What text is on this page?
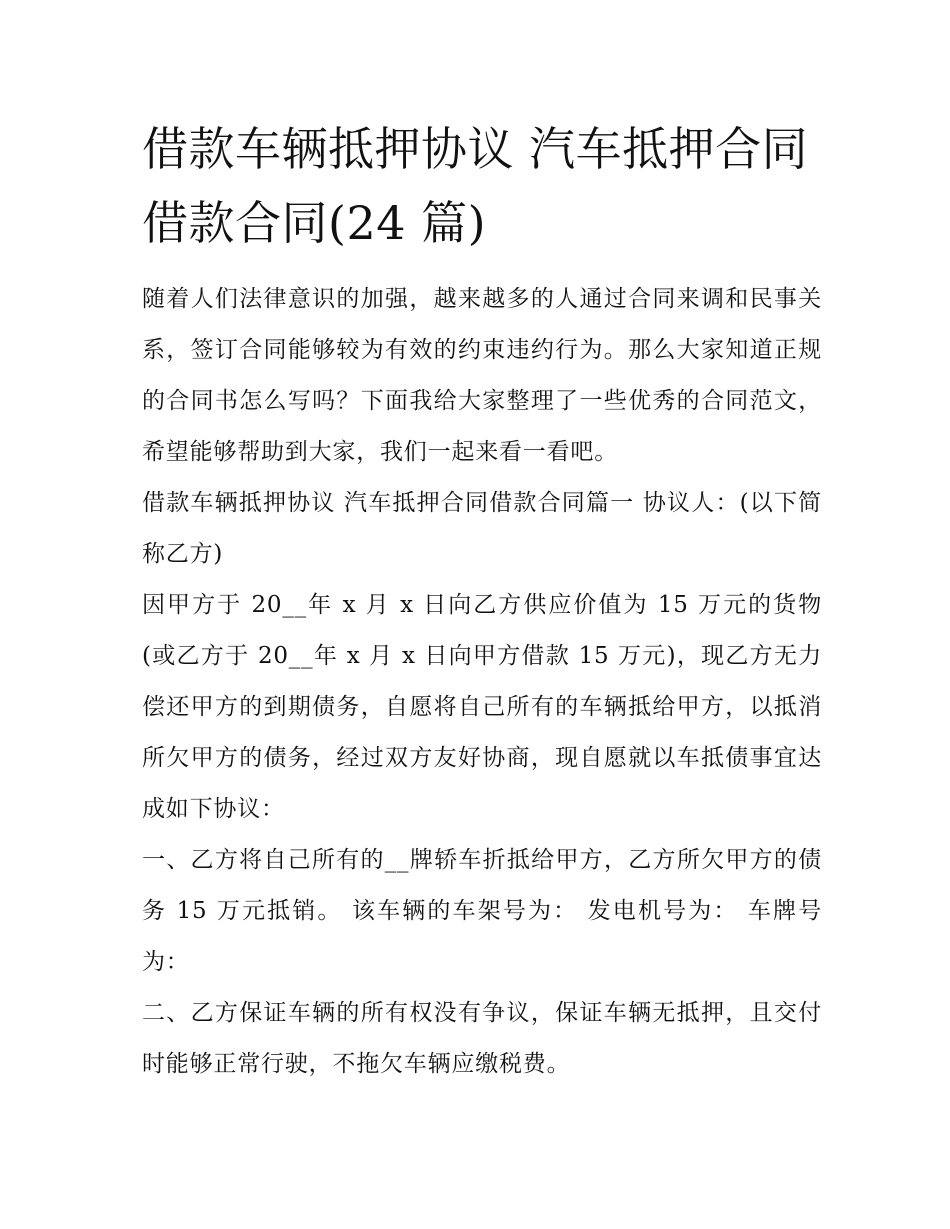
借款车辆抵押协议 汽车抵押合同借款合同(24 篇)

随着人们法律意识的加强，越来越多的人通过合同来调和民事关系，签订合同能够较为有效的约束违约行为。那么大家知道正规的合同书怎么写吗？下面我给大家整理了一些优秀的合同范文，希望能够帮助到大家，我们一起来看一看吧。

借款车辆抵押协议 汽车抵押合同借款合同篇一 协议人：(以下简称乙方)

因甲方于 20__年 x 月 x 日向乙方供应价值为 15 万元的货物(或乙方于 20__年 x 月 x 日向甲方借款 15 万元)，现乙方无力偿还甲方的到期债务，自愿将自己所有的车辆抵给甲方，以抵消所欠甲方的债务，经过双方友好协商，现自愿就以车抵债事宜达成如下协议：

一、乙方将自己所有的__牌轿车折抵给甲方，乙方所欠甲方的债务 15 万元抵销。 该车辆的车架号为： 发电机号为： 车牌号为：

二、乙方保证车辆的所有权没有争议，保证车辆无抵押，且交付时能够正常行驶，不拖欠车辆应缴税费。
